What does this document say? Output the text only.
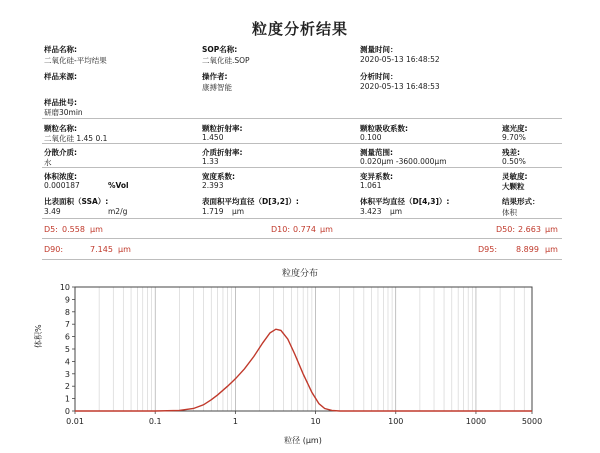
粒度分析结果
样品名称:
二氧化硅-平均结果
SOP名称:
二氧化硅.SOP
测量时间：
2020-05-13 16:48:52
样品来源:	操作者:
康搏智能
分析时间：
2020-05-13 16:48:53
样品批号:
研磨30min
颗粒名称:
二氧化硅 1.45 0.1
颗粒折射率:
1.450
颗粒吸收系数:
0.100
遮光度:
9.70%
分散介质:
水
介质折射率:
1.33
测量范围:
0.020μm -3600.000μm
残差:
0.50%
体积浓度:
0.000187	%Vol
宽度系数:
2.393
变异系数:
1.061
灵敏度:
大颗粒
比表面积（SSA）:
3.49	m2/g
表面积平均直径（D[3,2]）:
1.719 μm
体积平均直径（D[4,3]）:
3.423 μm
结果形式：
体积
D5: 0.558 μm	D10: 0.774 μm	D50: 2.663 μm
D90:	7.145 μm	D95: 8.899 μm
粒度分布
0.01	0.1	1	10	100	1000	5000
0
1
2
3
4
5
6
7
8
9
10
粒径 (μm)
体积%
